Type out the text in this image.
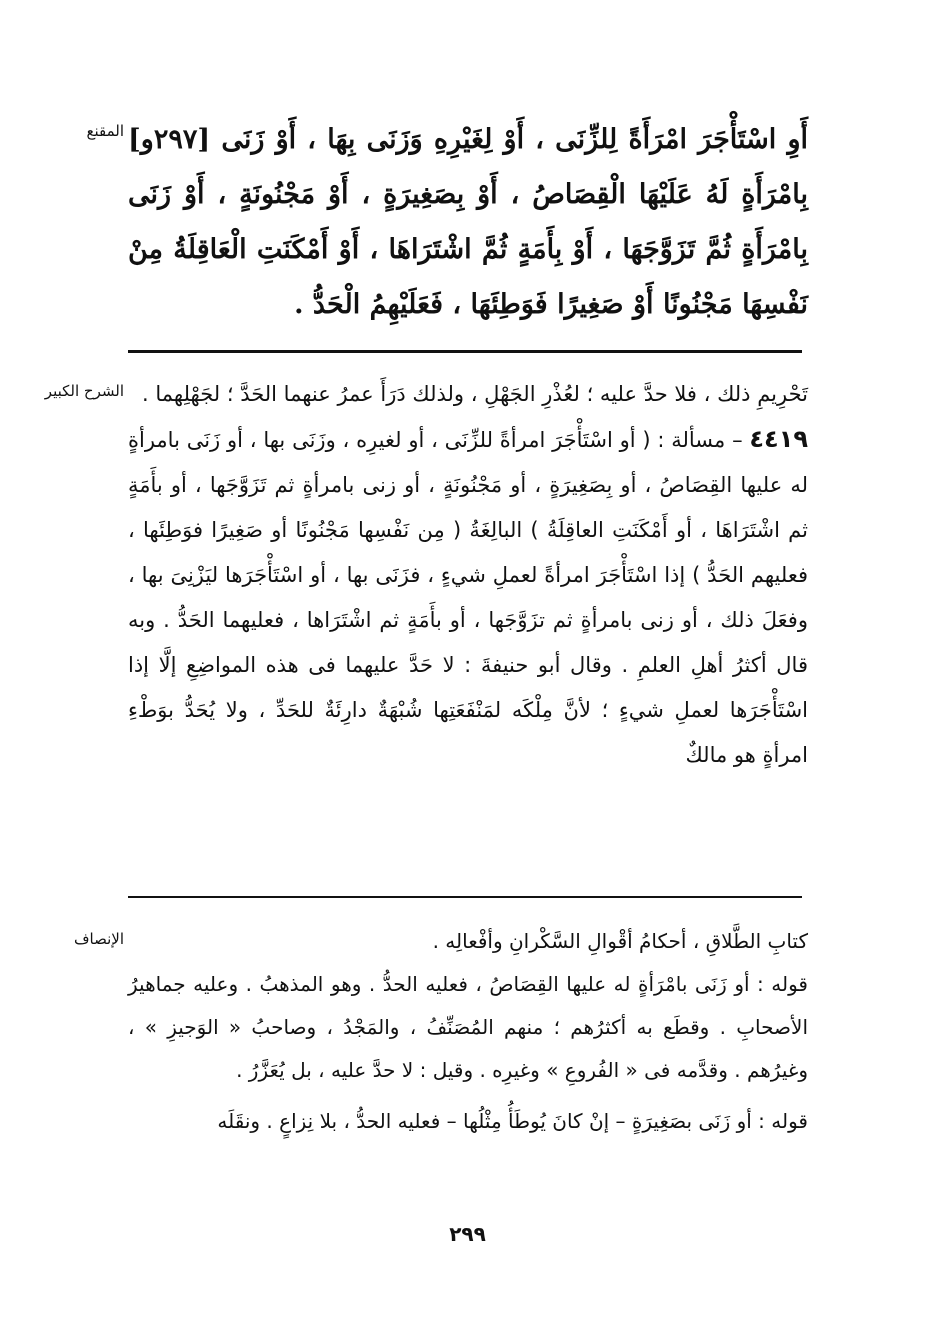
المقنع أَوِ اسْتَأْجَرَ امْرَأَةً لِلزِّنَى ، أَوْ لِغَيْرِهِ وَزَنَى بِهَا ، أَوْ زَنَى [٢٩٧و] بِامْرَأَةٍ لَهُ عَلَيْهَا الْقِصَاصُ ، أَوْ بِصَغِيرَةٍ ، أَوْ مَجْنُونَةٍ ، أَوْ زَنَى بِامْرَأَةٍ ثُمَّ تَزَوَّجَهَا ، أَوْ بِأَمَةٍ ثُمَّ اشْتَرَاهَا ، أَوْ أَمْكَنَتِ الْعَاقِلَةُ مِنْ نَفْسِهَا مَجْنُونًا أَوْ صَغِيرًا فَوَطِئَهَا ، فَعَلَيْهِمُ الْحَدُّ .

الشرح الكبير تَحْرِيمِ ذلك ، فلا حدَّ عليه ؛ لعُذْرِ الجَهْلِ ، ولذلك دَرَأَ عمرُ عنهما الحَدَّ ؛ لجَهْلِهما .

٤٤١٩ – مسألة : ( أو اسْتَأْجَرَ امرأةً للزِّنَى ، أو لغيرِه ، وزَنَى بها ، أو زَنَى بامرأةٍ له عليها القِصَاصُ ، أو بِصَغِيرَةٍ ، أو مَجْنُونَةٍ ، أو زنى بامرأةٍ ثم تَزَوَّجَها ، أو بأَمَةٍ ثم اشْتَرَاهَا ، أو أَمْكَنَتِ العاقِلَةُ ) البالِغَةُ ( مِن نَفْسِها مَجْنُونًا أو صَغِيرًا فوَطِئَها ، فعليهم الحَدُّ ) إذا اسْتَأْجَرَ امرأةً لعملِ شيءٍ ، فزَنَى بها ، أو اسْتَأْجَرَها ليَزْنِىَ بها ، وفعَلَ ذلك ، أو زنى بامرأةٍ ثم تزَوَّجَها ، أو بأَمَةٍ ثم اشْتَرَاها ، فعليهما الحَدُّ . وبه قال أكثرُ أهلِ العلمِ . وقال أبو حنيفةَ : لا حَدَّ عليهما فى هذه المواضِعِ إلَّا إذا اسْتَأْجَرَها لعملِ شيءٍ ؛ لأنَّ مِلْكَه لمَنْفَعَتِها شُبْهَةٌ دارِئَةٌ للحَدِّ ، ولا يُحَدُّ بوَطْءِ امرأةٍ هو مالكٌ

الإنصاف	كتابِ الطَّلاقِ ، أحكامُ أقْوالِ السَّكْرانِ وأفْعالِه .

قوله : أو زَنَى بامْرَأةٍ له عليها القِصَاصُ ، فعليه الحدُّ . وهو المذهبُ . وعليه جماهيرُ الأصحابِ . وقطَع به أكثرُهم ؛ منهم المُصَنِّفُ ، والمَجْدُ ، وصاحبُ « الوَجيزِ » ، وغيرُهم . وقدَّمه فى « الفُروعِ » وغيرِه . وقيل : لا حدَّ عليه ، بل يُعَزَّرُ .

قوله : أو زَنَى بصَغِيرَةٍ – إنْ كانَ يُوطَأُ مِثْلُها – فعليه الحدُّ ، بلا نِزاعٍ . ونقَلَه

٢٩٩
